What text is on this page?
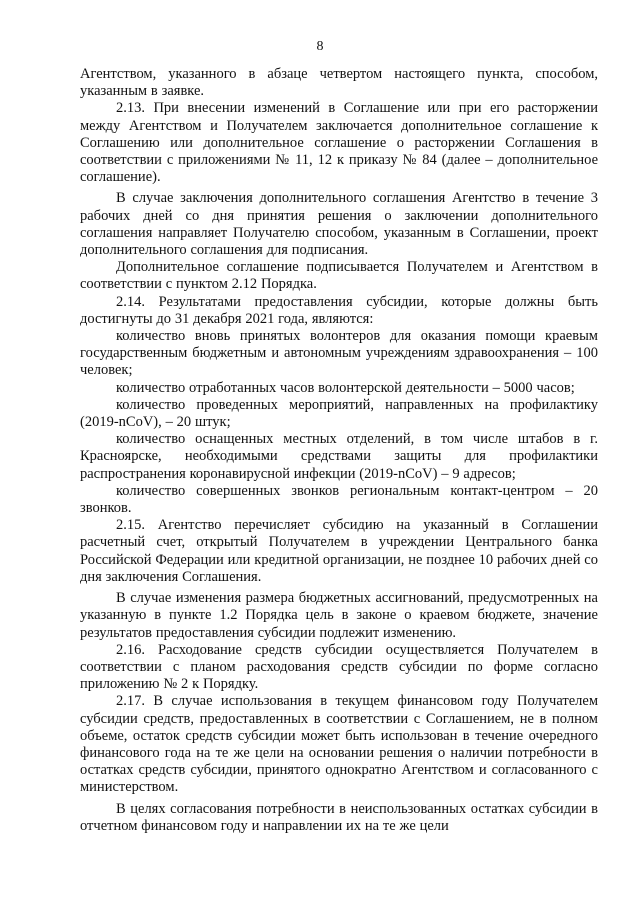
8

Агентством, указанного в абзаце четвертом настоящего пункта, способом, указанным в заявке.

2.13. При внесении изменений в Соглашение или при его расторжении между Агентством и Получателем заключается дополнительное соглашение к Соглашению или дополнительное соглашение о расторжении Соглашения в соответствии с приложениями № 11, 12 к приказу № 84 (далее – дополнительное соглашение).

В случае заключения дополнительного соглашения Агентство в течение 3 рабочих дней со дня принятия решения о заключении дополнительного соглашения направляет Получателю способом, указанным в Соглашении, проект дополнительного соглашения для подписания.

Дополнительное соглашение подписывается Получателем и Агентством в соответствии с пунктом 2.12 Порядка.

2.14. Результатами предоставления субсидии, которые должны быть достигнуты до 31 декабря 2021 года, являются:

количество вновь принятых волонтеров для оказания помощи краевым государственным бюджетным и автономным учреждениям здравоохранения – 100 человек;

количество отработанных часов волонтерской деятельности – 5000 часов;

количество проведенных мероприятий, направленных на профилактику (2019-nCoV), – 20 штук;

количество оснащенных местных отделений, в том числе штабов в г. Красноярске, необходимыми средствами защиты для профилактики распространения коронавирусной инфекции (2019-nCoV) – 9 адресов;

количество совершенных звонков региональным контакт-центром – 20 звонков.

2.15. Агентство перечисляет субсидию на указанный в Соглашении расчетный счет, открытый Получателем в учреждении Центрального банка Российской Федерации или кредитной организации, не позднее 10 рабочих дней со дня заключения Соглашения.

В случае изменения размера бюджетных ассигнований, предусмотренных на указанную в пункте 1.2 Порядка цель в законе о краевом бюджете, значение результатов предоставления субсидии подлежит изменению.

2.16. Расходование средств субсидии осуществляется Получателем в соответствии с планом расходования средств субсидии по форме согласно приложению № 2 к Порядку.

2.17. В случае использования в текущем финансовом году Получателем субсидии средств, предоставленных в соответствии с Соглашением, не в полном объеме, остаток средств субсидии может быть использован в течение очередного финансового года на те же цели на основании решения о наличии потребности в остатках средств субсидии, принятого однократно Агентством и согласованного с министерством.

В целях согласования потребности в неиспользованных остатках субсидии в отчетном финансовом году и направлении их на те же цели
